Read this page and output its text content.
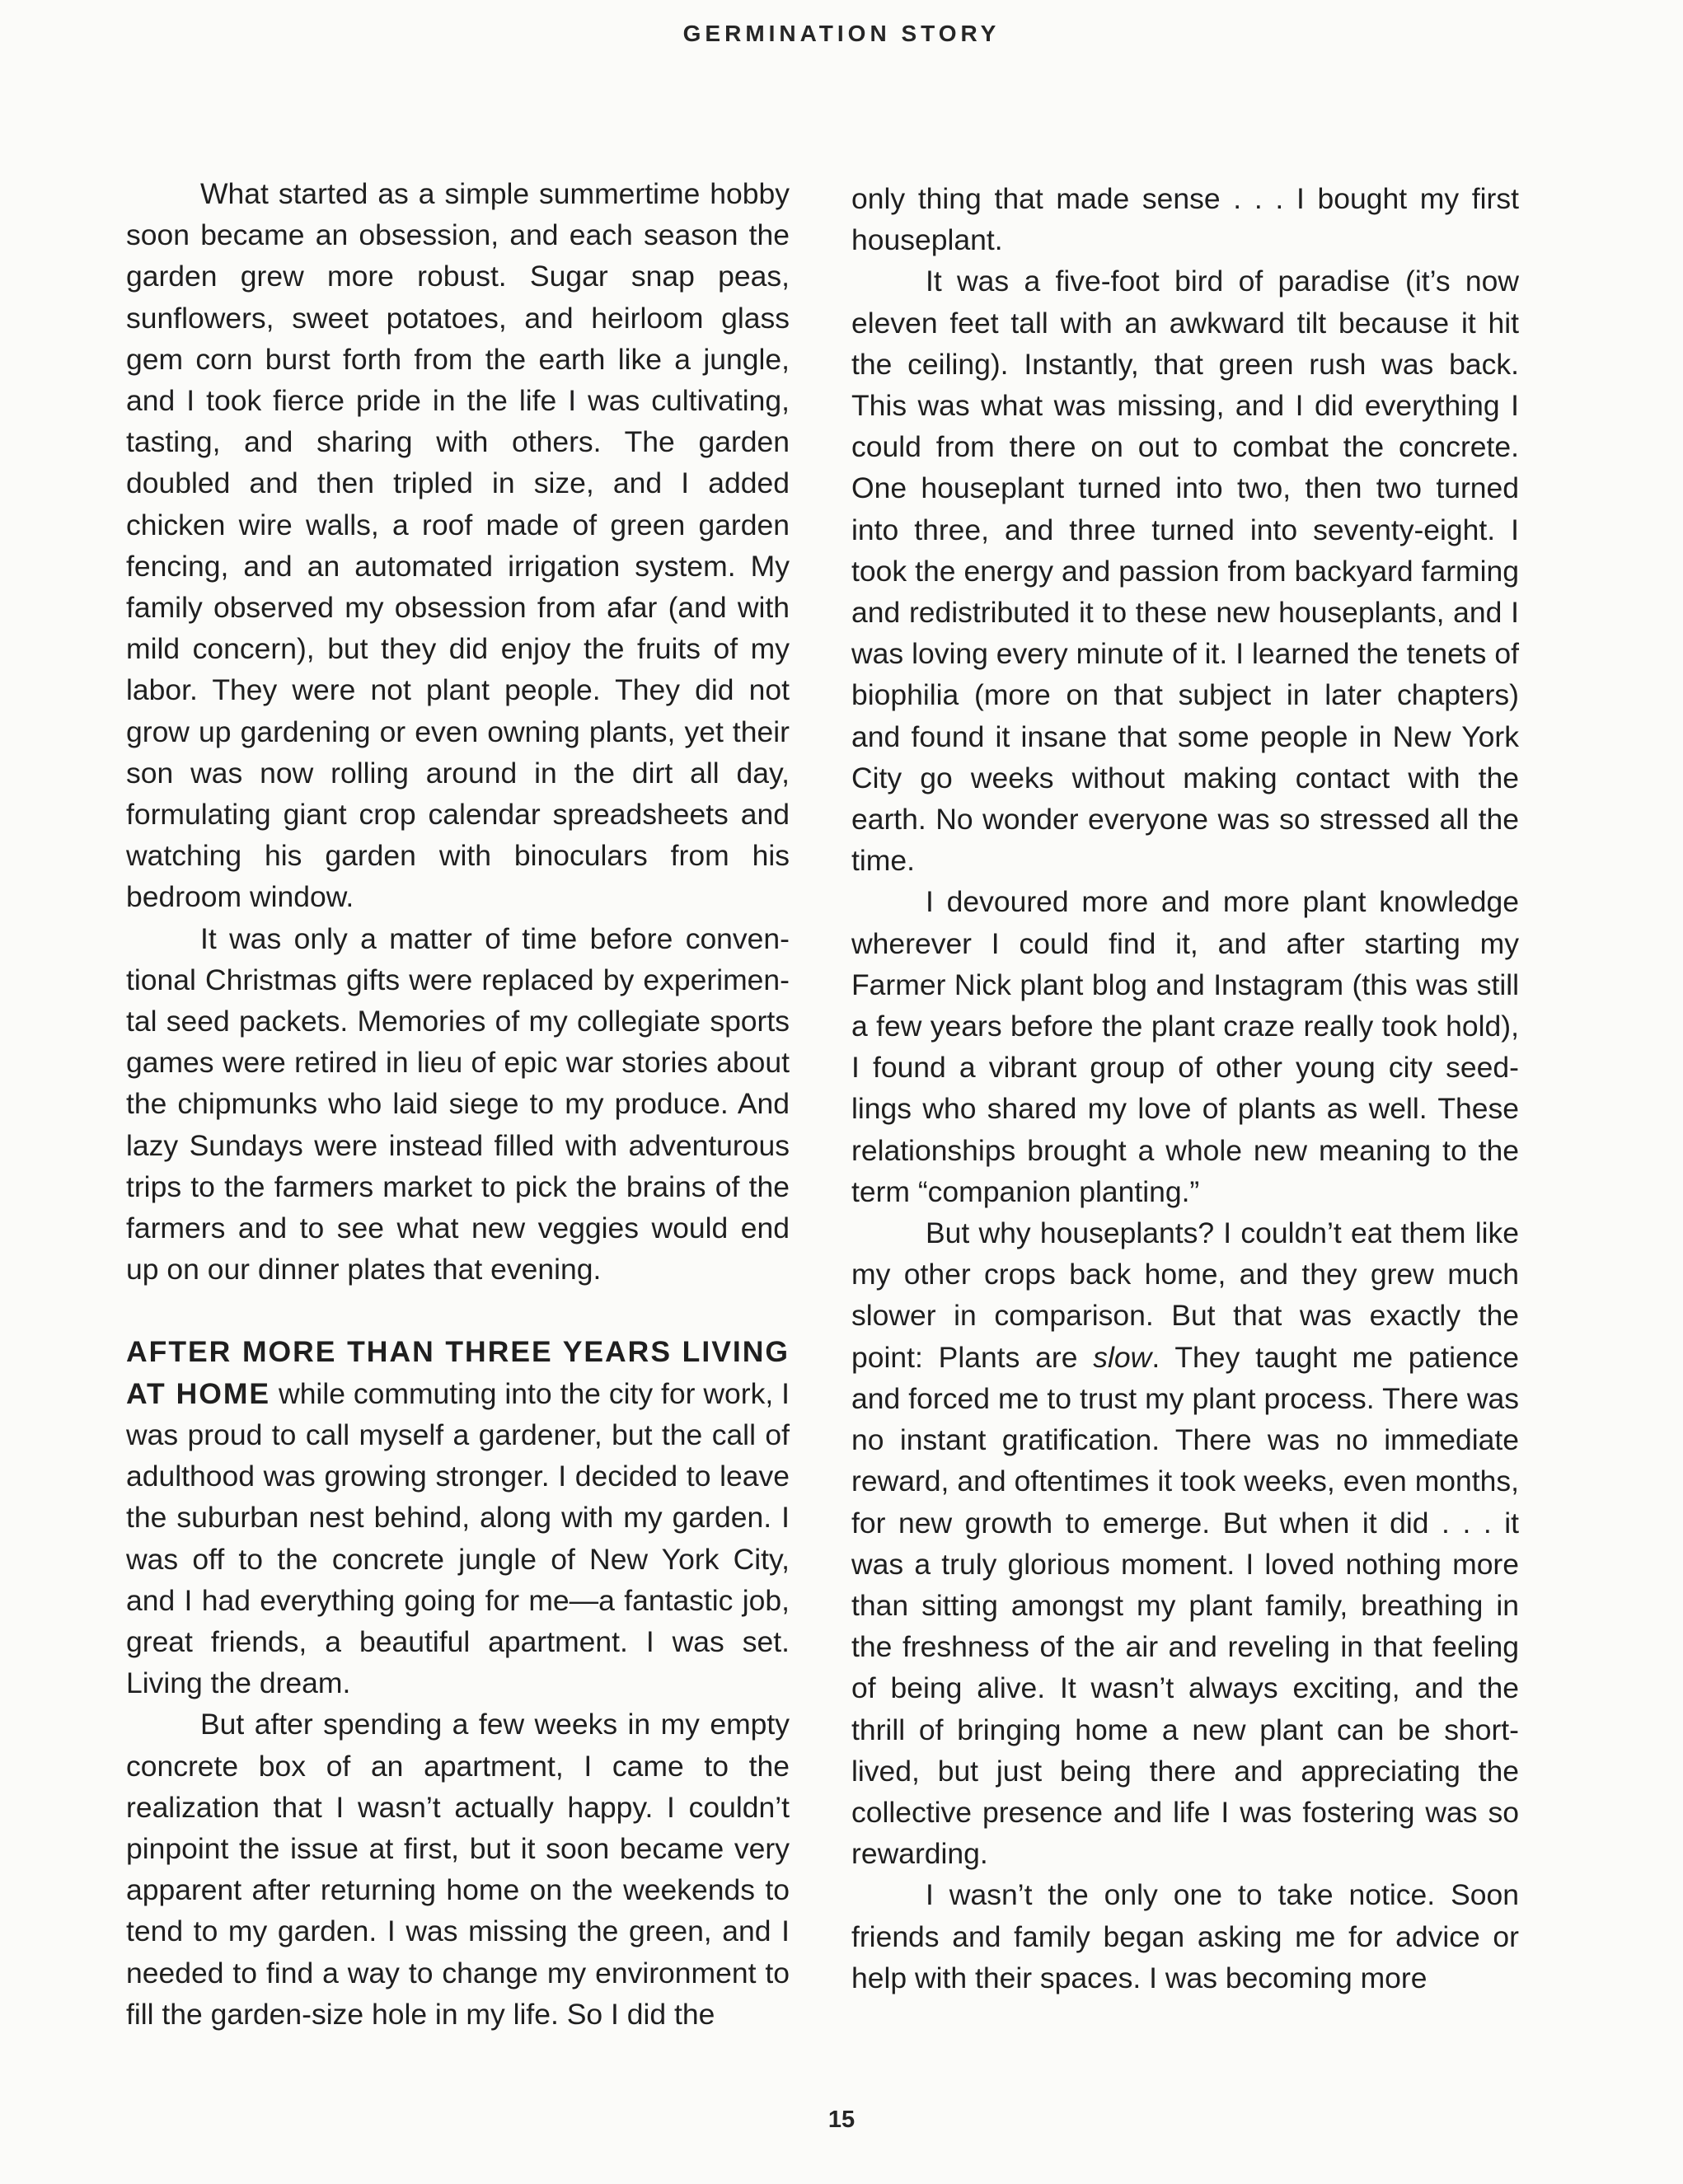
GERMINATION STORY

What started as a simple summertime hobby soon became an obsession, and each season the garden grew more robust. Sugar snap peas, sunflowers, sweet potatoes, and heirloom glass gem corn burst forth from the earth like a jungle, and I took fierce pride in the life I was cultivating, tasting, and sharing with others. The garden doubled and then tripled in size, and I added chicken wire walls, a roof made of green garden fencing, and an automated irrigation system. My family observed my obsession from afar (and with mild concern), but they did enjoy the fruits of my labor. They were not plant people. They did not grow up gardening or even owning plants, yet their son was now rolling around in the dirt all day, formulating giant crop calendar spreadsheets and watching his garden with binoculars from his bedroom window.

It was only a matter of time before conventional Christmas gifts were replaced by experimental seed packets. Memories of my collegiate sports games were retired in lieu of epic war stories about the chipmunks who laid siege to my produce. And lazy Sundays were instead filled with adventurous trips to the farmers market to pick the brains of the farmers and to see what new veggies would end up on our dinner plates that evening.

AFTER MORE THAN THREE YEARS LIVING AT HOME while commuting into the city for work, I was proud to call myself a gardener, but the call of adulthood was growing stronger. I decided to leave the suburban nest behind, along with my garden. I was off to the concrete jungle of New York City, and I had everything going for me—a fantastic job, great friends, a beautiful apartment. I was set. Living the dream.

But after spending a few weeks in my empty concrete box of an apartment, I came to the realization that I wasn’t actually happy. I couldn’t pinpoint the issue at first, but it soon became very apparent after returning home on the weekends to tend to my garden. I was missing the green, and I needed to find a way to change my environment to fill the garden-size hole in my life. So I did the

only thing that made sense . . . I bought my first houseplant.

It was a five-foot bird of paradise (it’s now eleven feet tall with an awkward tilt because it hit the ceiling). Instantly, that green rush was back. This was what was missing, and I did everything I could from there on out to combat the concrete. One houseplant turned into two, then two turned into three, and three turned into seventy-eight. I took the energy and passion from backyard farming and redistributed it to these new houseplants, and I was loving every minute of it. I learned the tenets of biophilia (more on that subject in later chapters) and found it insane that some people in New York City go weeks without making contact with the earth. No wonder everyone was so stressed all the time.

I devoured more and more plant knowledge wherever I could find it, and after starting my Farmer Nick plant blog and Instagram (this was still a few years before the plant craze really took hold), I found a vibrant group of other young city seedlings who shared my love of plants as well. These relationships brought a whole new meaning to the term “companion planting.”

But why houseplants? I couldn’t eat them like my other crops back home, and they grew much slower in comparison. But that was exactly the point: Plants are slow. They taught me patience and forced me to trust my plant process. There was no instant gratification. There was no immediate reward, and oftentimes it took weeks, even months, for new growth to emerge. But when it did . . . it was a truly glorious moment. I loved nothing more than sitting amongst my plant family, breathing in the freshness of the air and reveling in that feeling of being alive. It wasn’t always exciting, and the thrill of bringing home a new plant can be short-lived, but just being there and appreciating the collective presence and life I was fostering was so rewarding.

I wasn’t the only one to take notice. Soon friends and family began asking me for advice or help with their spaces. I was becoming more

15
